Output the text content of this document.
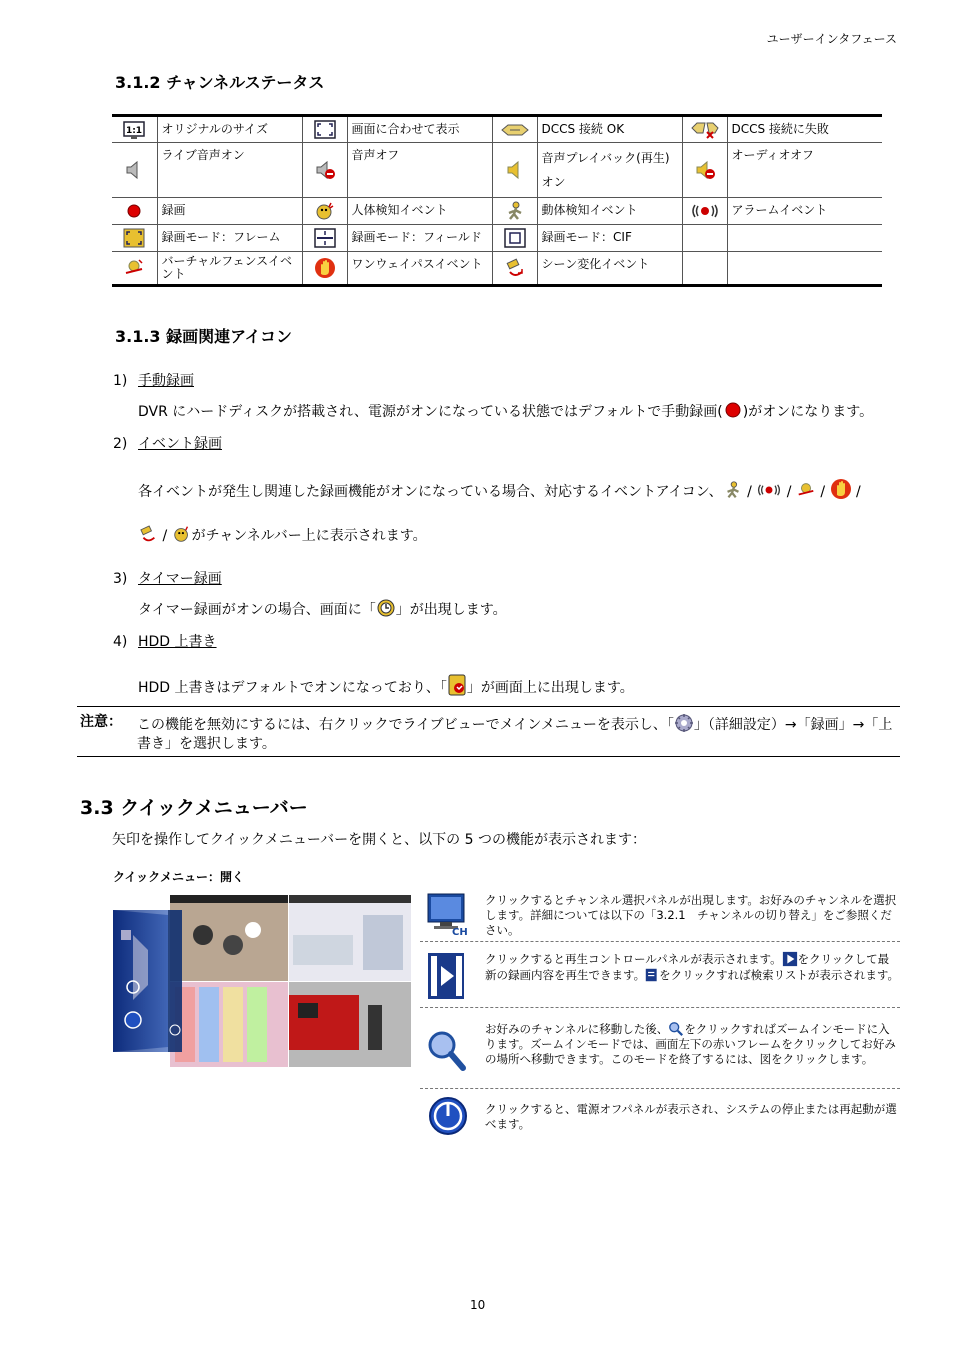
ユーザーインタフェース
3.1.2 チャンネルステータス
1:1	オリジナルのサイズ		画面に合わせて表示		DCCS 接続 OK		DCCS 接続に失敗
	ライブ音声オン		音声オフ		音声プレイバック(再生)オン		オーディオオフ
	録画		人体検知イベント		動体検知イベント		アラームイベント
	録画モード：フレーム		録画モード：フィールド		録画モード：CIF		
	バーチャルフェンスイベント		ワンウェイパスイベント		シーン変化イベント		
3.1.3 録画関連アイコン
1) 手動録画
DVR にハードディスクが搭載され、電源がオンになっている状態ではデフォルトで手動録画( )がオンになります。
2) イベント録画
各イベントが発生し関連した録画機能がオンになっている場合、対応するイベントアイコン、 / / / /
/ がチャンネルバー上に表示されます。
3) タイマー録画
タイマー録画がオンの場合、画面に「 」が出現します。
4) HDD 上書き
HDD 上書きはデフォルトでオンになっており、「 」が画面上に出現します。
注意： この機能を無効にするには、右クリックでライブビューでメインメニューを表示し、「 」（詳細設定）→「録画」→「上
書き」を選択します。
3.3 クイックメニューバー
矢印を操作してクイックメニューバーを開くと、以下の 5 つの機能が表示されます：
クイックメニュー：開く
CH
クリックするとチャンネル選択パネルが出現します。お好みのチャンネルを選択します。詳細については以下の「3.2.1　チャンネルの切り替え」をご参照ください。
クリックすると再生コントロールパネルが表示されます。 をクリックして最新の録画内容を再生できます。 をクリックすれば検索リストが表示されます。
お好みのチャンネルに移動した後、 をクリックすればズームインモードに入ります。ズームインモードでは、画面左下の赤いフレームをクリックしてお好みの場所へ移動できます。このモードを終了するには、図をクリックします。
クリックすると、電源オフパネルが表示され、システムの停止または再起動が選べます。
10
